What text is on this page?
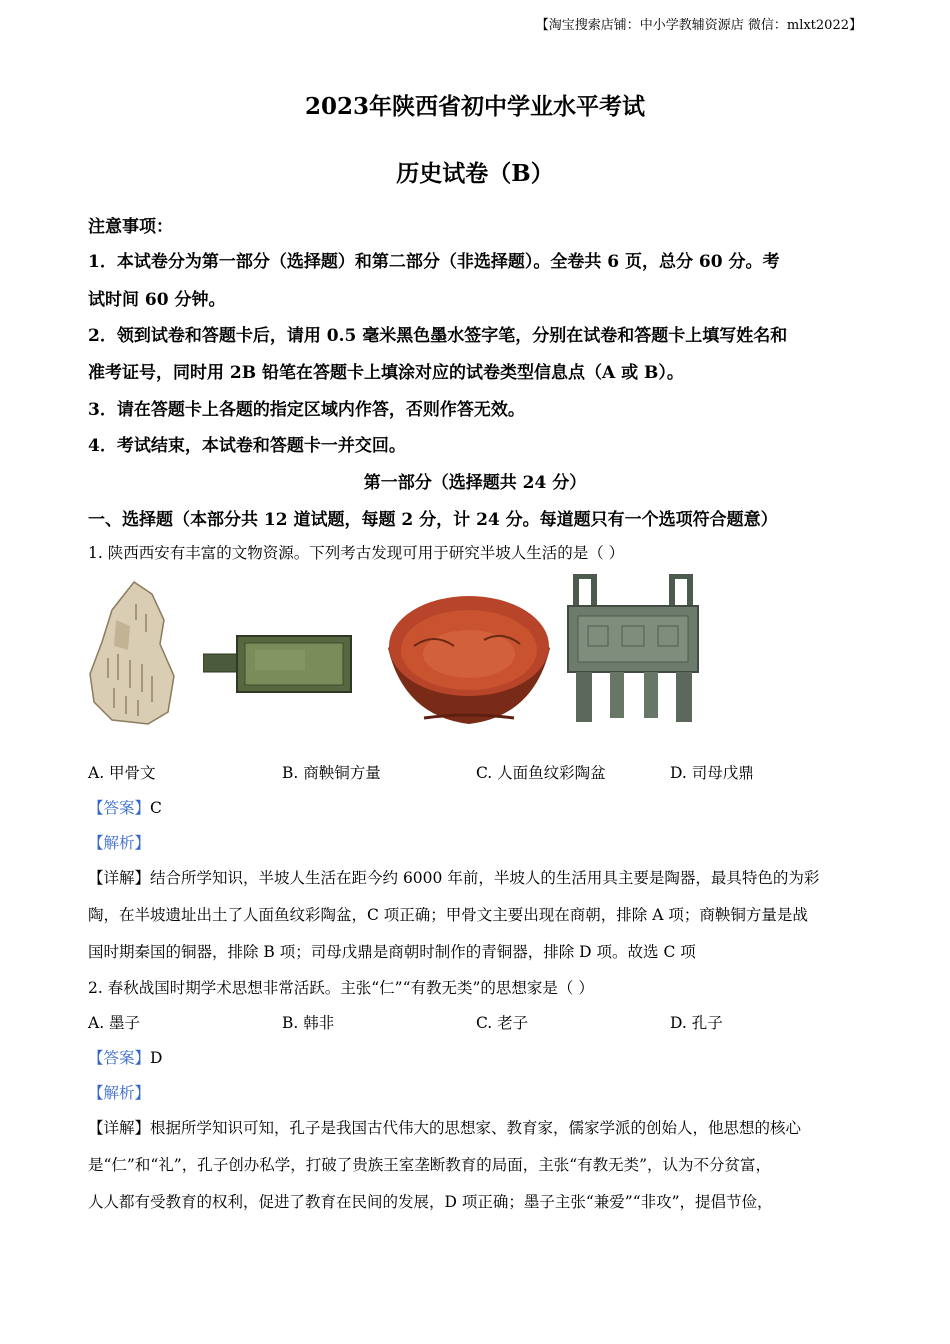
【淘宝搜索店铺：中小学教辅资源店 微信：mlxt2022】
2023年陕西省初中学业水平考试
历史试卷（B）
注意事项：
1．本试卷分为第一部分（选择题）和第二部分（非选择题）。全卷共 6 页，总分 60 分。考
试时间 60 分钟。
2．领到试卷和答题卡后，请用 0.5 毫米黑色墨水签字笔，分别在试卷和答题卡上填写姓名和
准考证号，同时用 2B 铅笔在答题卡上填涂对应的试卷类型信息点（A 或 B）。
3．请在答题卡上各题的指定区域内作答，否则作答无效。
4．考试结束，本试卷和答题卡一并交回。
第一部分（选择题共 24 分）
一、选择题（本部分共 12 道试题，每题 2 分，计 24 分。每道题只有一个选项符合题意）
1. 陕西西安有丰富的文物资源。下列考古发现可用于研究半坡人生活的是（ ）
A. 甲骨文	B. 商鞅铜方量	C. 人面鱼纹彩陶盆	D. 司母戊鼎
【答案】C
【解析】
【详解】结合所学知识，半坡人生活在距今约 6000 年前，半坡人的生活用具主要是陶器，最具特色的为彩
陶，在半坡遗址出土了人面鱼纹彩陶盆，C 项正确；甲骨文主要出现在商朝，排除 A 项；商鞅铜方量是战
国时期秦国的铜器，排除 B 项；司母戊鼎是商朝时制作的青铜器，排除 D 项。故选 C 项
2. 春秋战国时期学术思想非常活跃。主张“仁”“有教无类”的思想家是（ ）
A. 墨子	B. 韩非	C. 老子	D. 孔子
【答案】D
【解析】
【详解】根据所学知识可知，孔子是我国古代伟大的思想家、教育家，儒家学派的创始人，他思想的核心
是“仁”和“礼”，孔子创办私学，打破了贵族王室垄断教育的局面，主张“有教无类”，认为不分贫富，
人人都有受教育的权利，促进了教育在民间的发展，D 项正确；墨子主张“兼爱”“非攻”，提倡节俭，
